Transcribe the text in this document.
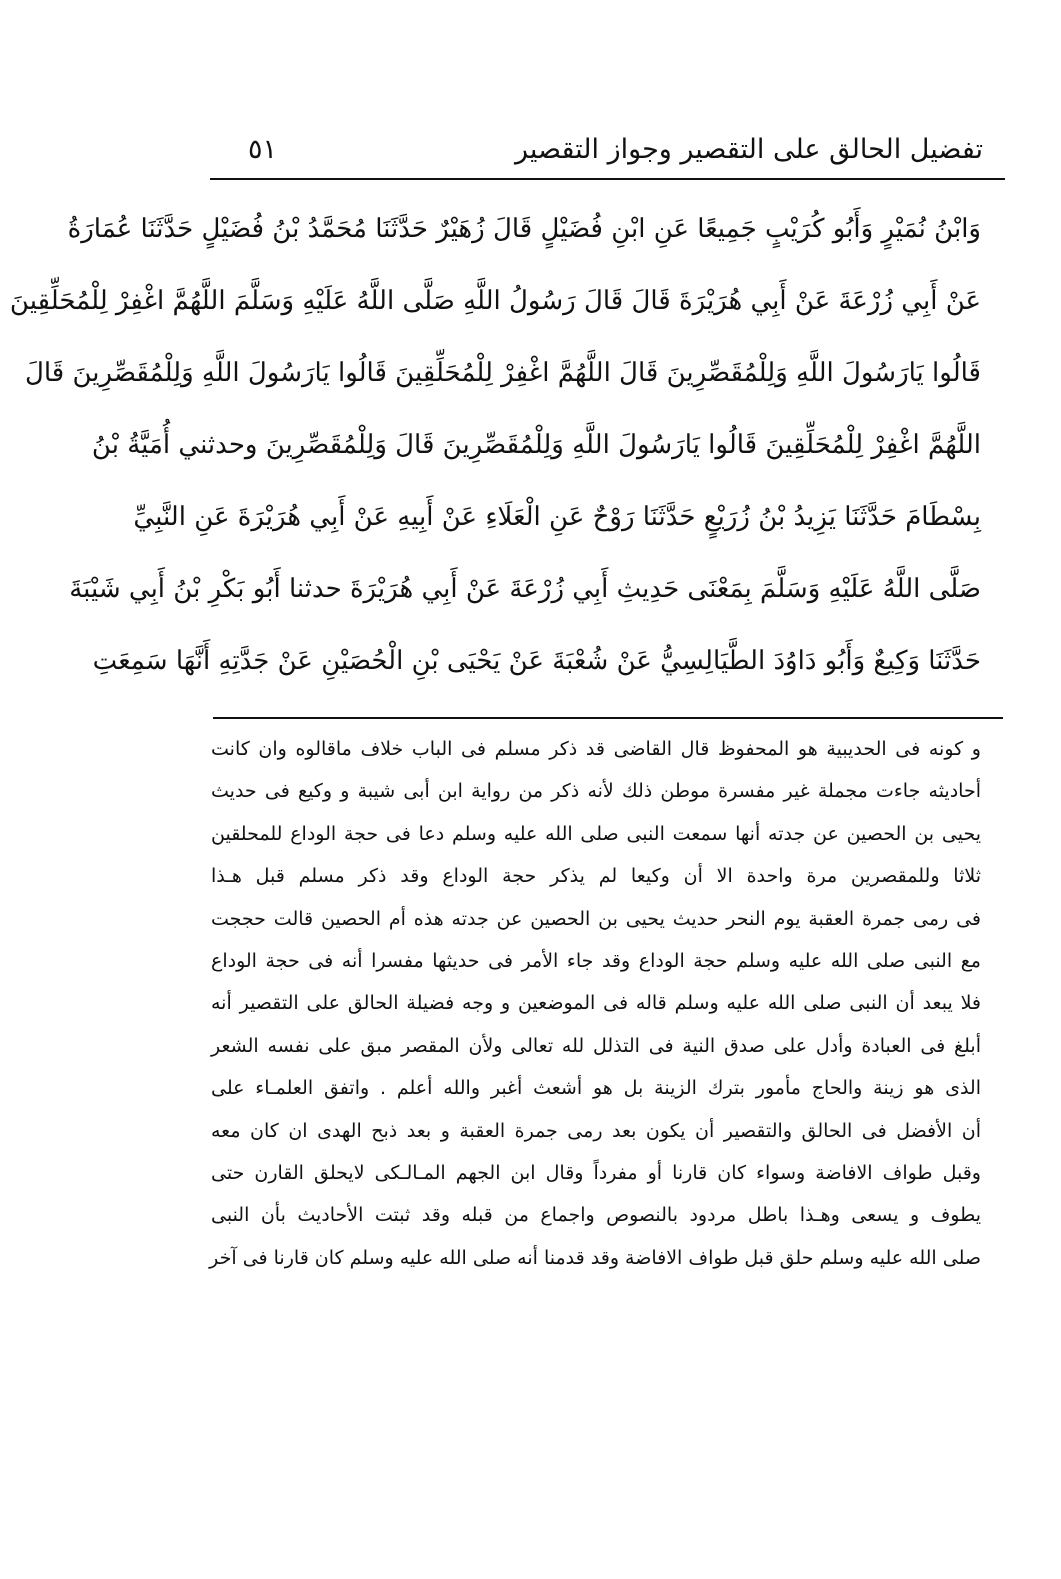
تفضيل الحالق على التقصير وجواز التقصير
٥١
وَابْنُ نُمَيْرٍ وَأَبُو كُرَيْبٍ جَمِيعًا عَنِ ابْنِ فُضَيْلٍ قَالَ زُهَيْرٌ حَدَّثَنَا مُحَمَّدُ بْنُ فُضَيْلٍ حَدَّثَنَا عُمَارَةُ
عَنْ أَبِي زُرْعَةَ عَنْ أَبِي هُرَيْرَةَ قَالَ قَالَ رَسُولُ اللَّهِ صَلَّى اللَّهُ عَلَيْهِ وَسَلَّمَ اللَّهُمَّ اغْفِرْ لِلْمُحَلِّقِينَ
قَالُوا يَارَسُولَ اللَّهِ وَلِلْمُقَصِّرِينَ قَالَ اللَّهُمَّ اغْفِرْ لِلْمُحَلِّقِينَ قَالُوا يَارَسُولَ اللَّهِ وَلِلْمُقَصِّرِينَ قَالَ
اللَّهُمَّ اغْفِرْ لِلْمُحَلِّقِينَ قَالُوا يَارَسُولَ اللَّهِ وَلِلْمُقَصِّرِينَ قَالَ وَلِلْمُقَصِّرِينَ وحدثني أُمَيَّةُ بْنُ
بِسْطَامَ حَدَّثَنَا يَزِيدُ بْنُ زُرَيْعٍ حَدَّثَنَا رَوْحٌ عَنِ الْعَلَاءِ عَنْ أَبِيهِ عَنْ أَبِي هُرَيْرَةَ عَنِ النَّبِيِّ
صَلَّى اللَّهُ عَلَيْهِ وَسَلَّمَ بِمَعْنَى حَدِيثِ أَبِي زُرْعَةَ عَنْ أَبِي هُرَيْرَةَ حدثنا أَبُو بَكْرِ بْنُ أَبِي شَيْبَةَ
حَدَّثَنَا وَكِيعٌ وَأَبُو دَاوُدَ الطَّيَالِسِيُّ عَنْ شُعْبَةَ عَنْ يَحْيَى بْنِ الْحُصَيْنِ عَنْ جَدَّتِهِ أَنَّهَا سَمِعَتِ
و كونه فى الحديبية هو المحفوظ قال القاضى قد ذكر مسلم فى الباب خلاف ماقالوه وان كانت
أحاديثه جاءت مجملة غير مفسرة موطن ذلك لأنه ذكر من رواية ابن أبى شيبة و وكيع فى حديث
يحيى بن الحصين عن جدته أنها سمعت النبى صلى الله عليه وسلم دعا فى حجة الوداع للمحلقين
ثلاثا وللمقصرين مرة واحدة الا أن وكيعا لم يذكر حجة الوداع وقد ذكر مسلم قبل هـذا
فى رمى جمرة العقبة يوم النحر حديث يحيى بن الحصين عن جدته هذه أم الحصين قالت حججت
مع النبى صلى الله عليه وسلم حجة الوداع وقد جاء الأمر فى حديثها مفسرا أنه فى حجة الوداع
فلا يبعد أن النبى صلى الله عليه وسلم قاله فى الموضعين و وجه فضيلة الحالق على التقصير أنه
أبلغ فى العبادة وأدل على صدق النية فى التذلل لله تعالى ولأن المقصر مبق على نفسه الشعر
الذى هو زينة والحاج مأمور بترك الزينة بل هو أشعث أغبر والله أعلم . واتفق العلمـاء على
أن الأفضل فى الحالق والتقصير أن يكون بعد رمى جمرة العقبة و بعد ذبح الهدى ان كان معه
وقبل طواف الافاضة وسواء كان قارنا أو مفرداً وقال ابن الجهم المـالـكى لايحلق القارن حتى
يطوف و يسعى وهـذا باطل مردود بالنصوص واجماع من قبله وقد ثبتت الأحاديث بأن النبى
صلى الله عليه وسلم حلق قبل طواف الافاضة وقد قدمنا أنه صلى الله عليه وسلم كان قارنا فى آخر
